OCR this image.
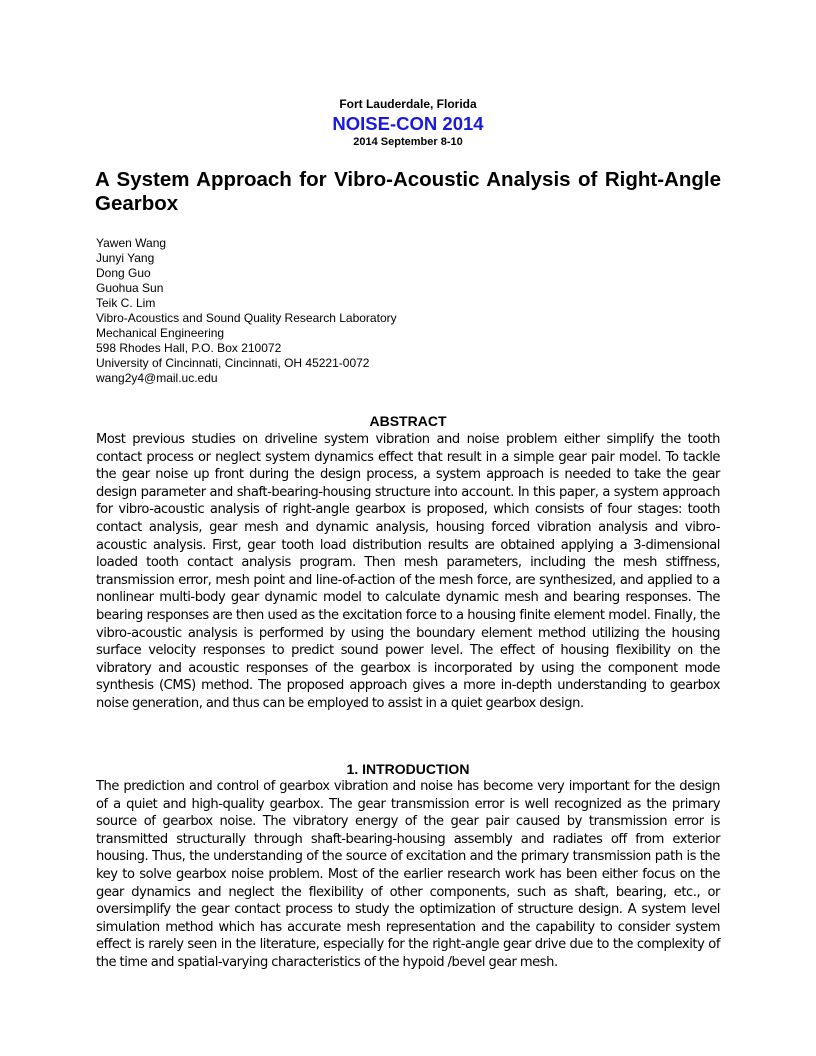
Fort Lauderdale, Florida
NOISE-CON 2014
2014 September 8-10
A System Approach for Vibro-Acoustic Analysis of Right-Angle Gearbox
Yawen Wang
Junyi Yang
Dong Guo
Guohua Sun
Teik C. Lim
Vibro-Acoustics and Sound Quality Research Laboratory
Mechanical Engineering
598 Rhodes Hall, P.O. Box 210072
University of Cincinnati, Cincinnati, OH 45221-0072
wang2y4@mail.uc.edu
ABSTRACT

Most previous studies on driveline system vibration and noise problem either simplify the tooth contact process or neglect system dynamics effect that result in a simple gear pair model. To tackle the gear noise up front during the design process, a system approach is needed to take the gear design parameter and shaft-bearing-housing structure into account. In this paper, a system approach for vibro-acoustic analysis of right-angle gearbox is proposed, which consists of four stages: tooth contact analysis, gear mesh and dynamic analysis, housing forced vibration analysis and vibro-acoustic analysis. First, gear tooth load distribution results are obtained applying a 3-dimensional loaded tooth contact analysis program. Then mesh parameters, including the mesh stiffness, transmission error, mesh point and line-of-action of the mesh force, are synthesized, and applied to a nonlinear multi-body gear dynamic model to calculate dynamic mesh and bearing responses. The bearing responses are then used as the excitation force to a housing finite element model. Finally, the vibro-acoustic analysis is performed by using the boundary element method utilizing the housing surface velocity responses to predict sound power level. The effect of housing flexibility on the vibratory and acoustic responses of the gearbox is incorporated by using the component mode synthesis (CMS) method. The proposed approach gives a more in-depth understanding to gearbox noise generation, and thus can be employed to assist in a quiet gearbox design.

1. INTRODUCTION

The prediction and control of gearbox vibration and noise has become very important for the design of a quiet and high-quality gearbox. The gear transmission error is well recognized as the primary source of gearbox noise. The vibratory energy of the gear pair caused by transmission error is transmitted structurally through shaft-bearing-housing assembly and radiates off from exterior housing. Thus, the understanding of the source of excitation and the primary transmission path is the key to solve gearbox noise problem. Most of the earlier research work has been either focus on the gear dynamics and neglect the flexibility of other components, such as shaft, bearing, etc., or oversimplify the gear contact process to study the optimization of structure design. A system level simulation method which has accurate mesh representation and the capability to consider system effect is rarely seen in the literature, especially for the right-angle gear drive due to the complexity of the time and spatial-varying characteristics of the hypoid /bevel gear mesh.
